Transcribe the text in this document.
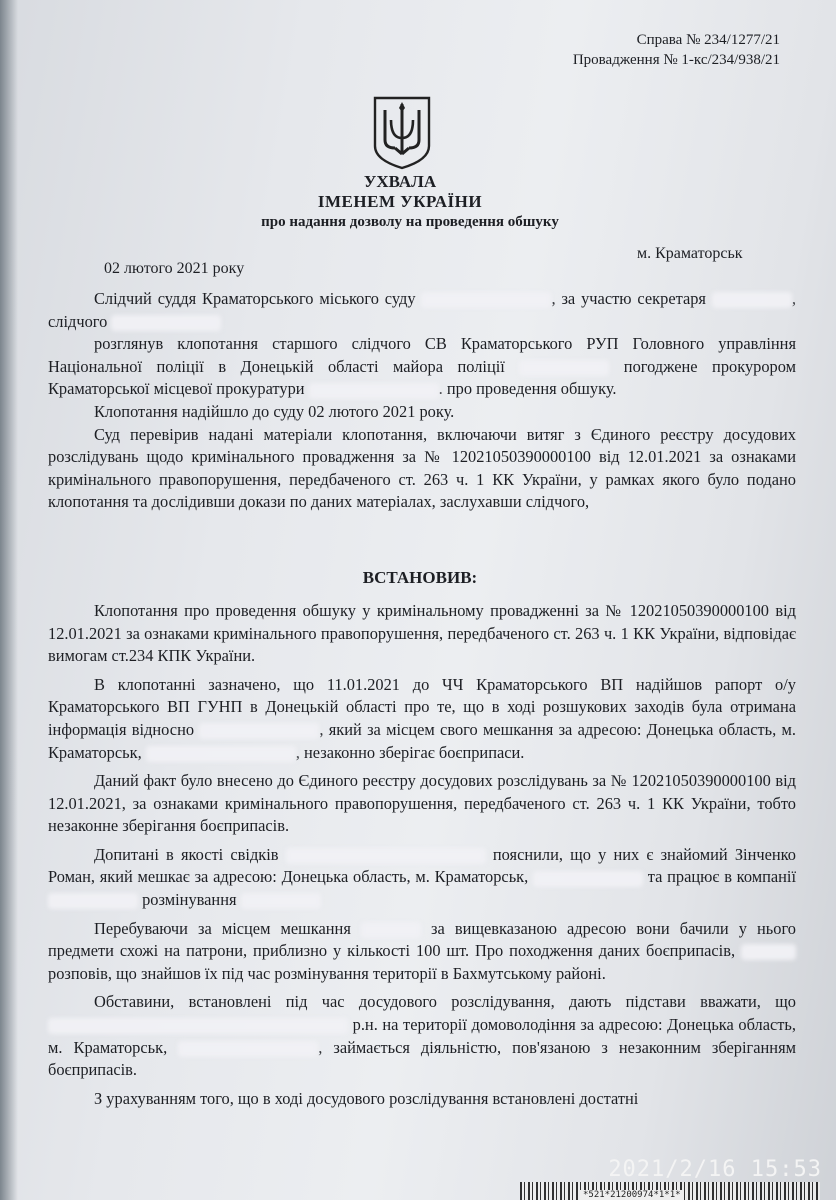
Справа № 234/1277/21
Провадження № 1-кс/234/938/21
УХВАЛА
ІМЕНЕМ УКРАЇНИ
про надання дозволу на проведення обшуку
м. Краматорськ
02 лютого 2021 року

Слідчий суддя Краматорського міського суду	, за участю секретаря	, слідчого

розглянув клопотання старшого слідчого СВ Краматорського РУП Головного управління Національної поліції в Донецькій області майора поліції	погоджене прокурором Краматорської місцевої прокуратури	. про проведення обшуку.

Клопотання надійшло до суду 02 лютого 2021 року.

Суд перевірив надані матеріали клопотання, включаючи витяг з Єдиного реєстру досудових розслідувань щодо кримінального провадження за № 12021050390000100 від 12.01.2021 за ознаками кримінального правопорушення, передбаченого ст. 263 ч. 1 КК України, у рамках якого було подано клопотання та дослідивши докази по даних матеріалах, заслухавши слідчого,

Клопотання про проведення обшуку у кримінальному провадженні за № 12021050390000100 від 12.01.2021 за ознаками кримінального правопорушення, передбаченого ст. 263 ч. 1 КК України, відповідає вимогам ст.234 КПК України.

В клопотанні зазначено, що 11.01.2021 до ЧЧ Краматорського ВП надійшов рапорт о/у Краматорського ВП ГУНП в Донецькій області про те, що в ході розшукових заходів була отримана інформація відносно	, який за місцем свого мешкання за адресою: Донецька область, м. Краматорськ,	, незаконно зберігає боєприпаси.

Даний факт було внесено до Єдиного реєстру досудових розслідувань за № 12021050390000100 від 12.01.2021, за ознаками кримінального правопорушення, передбаченого ст. 263 ч. 1 КК України, тобто незаконне зберігання боєприпасів.

Допитані в якості свідків	пояснили, що у них є знайомий Зінченко Роман, який мешкає за адресою: Донецька область, м. Краматорськ,	та працює в компанії  розмінування

Перебуваючи за місцем мешкання	за вищевказаною адресою вони бачили у нього предмети схожі на патрони, приблизно у кількості 100 шт. Про походження даних боєприпасів,  розповів, що знайшов їх під час розмінування території в Бахмутському районі.

Обставини, встановлені під час досудового розслідування, дають підстави вважати, що  р.н. на території домоволодіння за адресою: Донецька область, м. Краматорськ,	, займається діяльністю, пов'язаною з незаконним зберіганням боєприпасів.

З урахуванням того, що в ході досудового розслідування встановлені достатні

ВСТАНОВИВ:
*521*21200974*1*1*
2021/2/16 15:53
